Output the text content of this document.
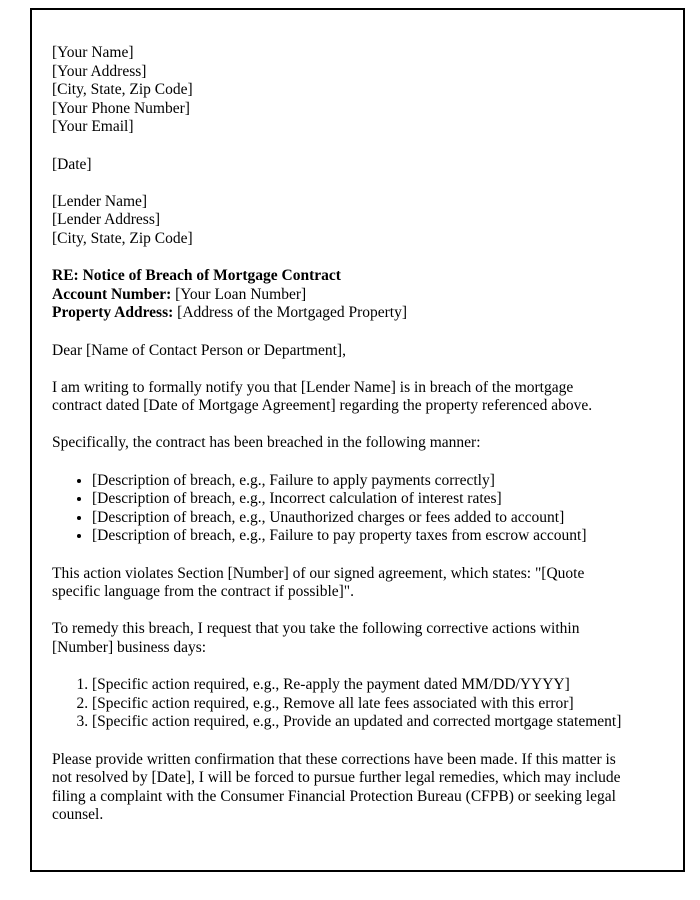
[Your Name]
[Your Address]
[City, State, Zip Code]
[Your Phone Number]
[Your Email]
[Date]
[Lender Name]
[Lender Address]
[City, State, Zip Code]
RE: Notice of Breach of Mortgage Contract
Account Number: [Your Loan Number]
Property Address: [Address of the Mortgaged Property]

Dear [Name of Contact Person or Department],

I am writing to formally notify you that [Lender Name] is in breach of the mortgage contract dated [Date of Mortgage Agreement] regarding the property referenced above.

Specifically, the contract has been breached in the following manner:

• [Description of breach, e.g., Failure to apply payments correctly]
• [Description of breach, e.g., Incorrect calculation of interest rates]
• [Description of breach, e.g., Unauthorized charges or fees added to account]
• [Description of breach, e.g., Failure to pay property taxes from escrow account]

This action violates Section [Number] of our signed agreement, which states: "[Quote specific language from the contract if possible]".

To remedy this breach, I request that you take the following corrective actions within [Number] business days:

1. [Specific action required, e.g., Re-apply the payment dated MM/DD/YYYY]
2. [Specific action required, e.g., Remove all late fees associated with this error]
3. [Specific action required, e.g., Provide an updated and corrected mortgage statement]

Please provide written confirmation that these corrections have been made. If this matter is not resolved by [Date], I will be forced to pursue further legal remedies, which may include filing a complaint with the Consumer Financial Protection Bureau (CFPB) or seeking legal counsel.
